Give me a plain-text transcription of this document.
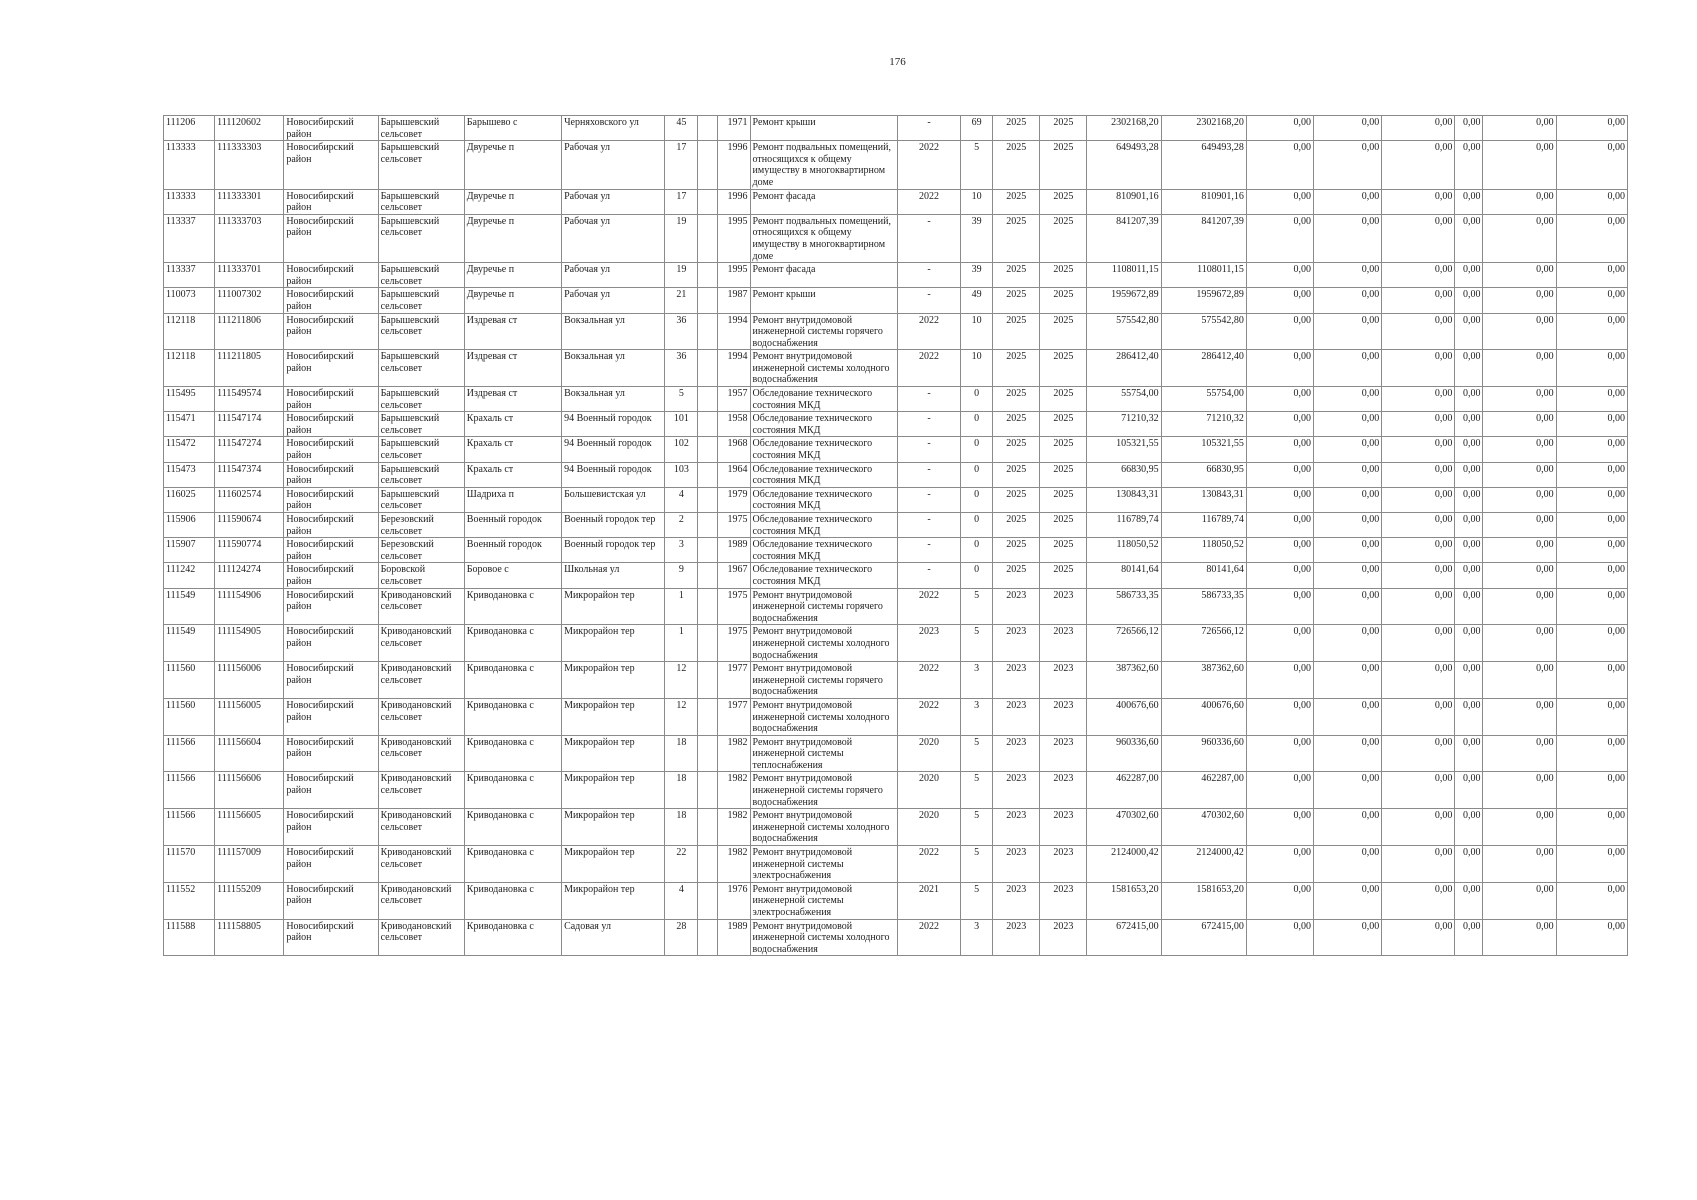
176
111206	111120602	Новосибирский район	Барышевский сельсовет	Барышево с	Черняховского ул	45		1971	Ремонт крыши	-	69	2025	2025	2302168,20	2302168,20	0,00	0,00	0,00	0,00	0,00	0,00
113333	111333303	Новосибирский район	Барышевский сельсовет	Двуречье п	Рабочая ул	17		1996	Ремонт подвальных помещений, относящихся к общему имуществу в многоквартирном доме	2022	5	2025	2025	649493,28	649493,28	0,00	0,00	0,00	0,00	0,00	0,00
113333	111333301	Новосибирский район	Барышевский сельсовет	Двуречье п	Рабочая ул	17		1996	Ремонт фасада	2022	10	2025	2025	810901,16	810901,16	0,00	0,00	0,00	0,00	0,00	0,00
113337	111333703	Новосибирский район	Барышевский сельсовет	Двуречье п	Рабочая ул	19		1995	Ремонт подвальных помещений, относящихся к общему имуществу в многоквартирном доме	-	39	2025	2025	841207,39	841207,39	0,00	0,00	0,00	0,00	0,00	0,00
113337	111333701	Новосибирский район	Барышевский сельсовет	Двуречье п	Рабочая ул	19		1995	Ремонт фасада	-	39	2025	2025	1108011,15	1108011,15	0,00	0,00	0,00	0,00	0,00	0,00
110073	111007302	Новосибирский район	Барышевский сельсовет	Двуречье п	Рабочая ул	21		1987	Ремонт крыши	-	49	2025	2025	1959672,89	1959672,89	0,00	0,00	0,00	0,00	0,00	0,00
112118	111211806	Новосибирский район	Барышевский сельсовет	Издревая ст	Вокзальная ул	36		1994	Ремонт внутридомовой инженерной системы горячего водоснабжения	2022	10	2025	2025	575542,80	575542,80	0,00	0,00	0,00	0,00	0,00	0,00
112118	111211805	Новосибирский район	Барышевский сельсовет	Издревая ст	Вокзальная ул	36		1994	Ремонт внутридомовой инженерной системы холодного водоснабжения	2022	10	2025	2025	286412,40	286412,40	0,00	0,00	0,00	0,00	0,00	0,00
115495	111549574	Новосибирский район	Барышевский сельсовет	Издревая ст	Вокзальная ул	5		1957	Обследование технического состояния МКД	-	0	2025	2025	55754,00	55754,00	0,00	0,00	0,00	0,00	0,00	0,00
115471	111547174	Новосибирский район	Барышевский сельсовет	Крахаль ст	94 Военный городок	101		1958	Обследование технического состояния МКД	-	0	2025	2025	71210,32	71210,32	0,00	0,00	0,00	0,00	0,00	0,00
115472	111547274	Новосибирский район	Барышевский сельсовет	Крахаль ст	94 Военный городок	102		1968	Обследование технического состояния МКД	-	0	2025	2025	105321,55	105321,55	0,00	0,00	0,00	0,00	0,00	0,00
115473	111547374	Новосибирский район	Барышевский сельсовет	Крахаль ст	94 Военный городок	103		1964	Обследование технического состояния МКД	-	0	2025	2025	66830,95	66830,95	0,00	0,00	0,00	0,00	0,00	0,00
116025	111602574	Новосибирский район	Барышевский сельсовет	Шадриха п	Большевистская ул	4		1979	Обследование технического состояния МКД	-	0	2025	2025	130843,31	130843,31	0,00	0,00	0,00	0,00	0,00	0,00
115906	111590674	Новосибирский район	Березовский сельсовет	Военный городок	Военный городок тер	2		1975	Обследование технического состояния МКД	-	0	2025	2025	116789,74	116789,74	0,00	0,00	0,00	0,00	0,00	0,00
115907	111590774	Новосибирский район	Березовский сельсовет	Военный городок	Военный городок тер	3		1989	Обследование технического состояния МКД	-	0	2025	2025	118050,52	118050,52	0,00	0,00	0,00	0,00	0,00	0,00
111242	111124274	Новосибирский район	Боровской сельсовет	Боровое с	Школьная ул	9		1967	Обследование технического состояния МКД	-	0	2025	2025	80141,64	80141,64	0,00	0,00	0,00	0,00	0,00	0,00
111549	111154906	Новосибирский район	Криводановский сельсовет	Криводановка с	Микрорайон тер	1		1975	Ремонт внутридомовой инженерной системы горячего водоснабжения	2022	5	2023	2023	586733,35	586733,35	0,00	0,00	0,00	0,00	0,00	0,00
111549	111154905	Новосибирский район	Криводановский сельсовет	Криводановка с	Микрорайон тер	1		1975	Ремонт внутридомовой инженерной системы холодного водоснабжения	2023	5	2023	2023	726566,12	726566,12	0,00	0,00	0,00	0,00	0,00	0,00
111560	111156006	Новосибирский район	Криводановский сельсовет	Криводановка с	Микрорайон тер	12		1977	Ремонт внутридомовой инженерной системы горячего водоснабжения	2022	3	2023	2023	387362,60	387362,60	0,00	0,00	0,00	0,00	0,00	0,00
111560	111156005	Новосибирский район	Криводановский сельсовет	Криводановка с	Микрорайон тер	12		1977	Ремонт внутридомовой инженерной системы холодного водоснабжения	2022	3	2023	2023	400676,60	400676,60	0,00	0,00	0,00	0,00	0,00	0,00
111566	111156604	Новосибирский район	Криводановский сельсовет	Криводановка с	Микрорайон тер	18		1982	Ремонт внутридомовой инженерной системы теплоснабжения	2020	5	2023	2023	960336,60	960336,60	0,00	0,00	0,00	0,00	0,00	0,00
111566	111156606	Новосибирский район	Криводановский сельсовет	Криводановка с	Микрорайон тер	18		1982	Ремонт внутридомовой инженерной системы горячего водоснабжения	2020	5	2023	2023	462287,00	462287,00	0,00	0,00	0,00	0,00	0,00	0,00
111566	111156605	Новосибирский район	Криводановский сельсовет	Криводановка с	Микрорайон тер	18		1982	Ремонт внутридомовой инженерной системы холодного водоснабжения	2020	5	2023	2023	470302,60	470302,60	0,00	0,00	0,00	0,00	0,00	0,00
111570	111157009	Новосибирский район	Криводановский сельсовет	Криводановка с	Микрорайон тер	22		1982	Ремонт внутридомовой инженерной системы электроснабжения	2022	5	2023	2023	2124000,42	2124000,42	0,00	0,00	0,00	0,00	0,00	0,00
111552	111155209	Новосибирский район	Криводановский сельсовет	Криводановка с	Микрорайон тер	4		1976	Ремонт внутридомовой инженерной системы электроснабжения	2021	5	2023	2023	1581653,20	1581653,20	0,00	0,00	0,00	0,00	0,00	0,00
111588	111158805	Новосибирский район	Криводановский сельсовет	Криводановка с	Садовая ул	28		1989	Ремонт внутридомовой инженерной системы холодного водоснабжения	2022	3	2023	2023	672415,00	672415,00	0,00	0,00	0,00	0,00	0,00	0,00
